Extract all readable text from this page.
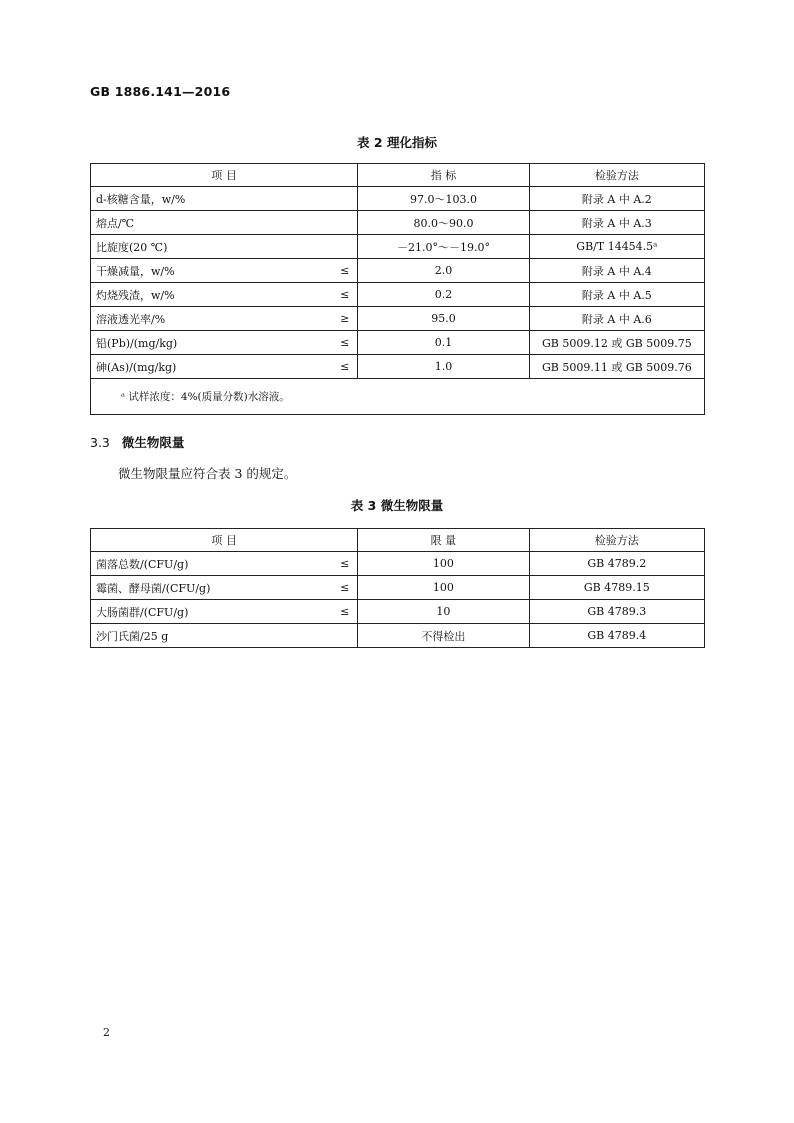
GB 1886.141—2016
表 2 理化指标
项 目		指 标	检验方法
d-核糖含量，w/%		97.0～103.0	附录 A 中 A.2
熔点/℃		80.0～90.0	附录 A 中 A.3
比旋度(20 ℃)		－21.0°～－19.0°	GB/T 14454.5ᵃ
干燥减量，w/%	≤	2.0	附录 A 中 A.4
灼烧残渣，w/%	≤	0.2	附录 A 中 A.5
溶液透光率/%	≥	95.0	附录 A 中 A.6
铅(Pb)/(mg/kg)	≤	0.1	GB 5009.12 或 GB 5009.75
砷(As)/(mg/kg)	≤	1.0	GB 5009.11 或 GB 5009.76
ᵃ 试样浓度：4%(质量分数)水溶液。			
3.3 微生物限量
微生物限量应符合表 3 的规定。
表 3 微生物限量
项 目		限 量	检验方法
菌落总数/(CFU/g)	≤	100	GB 4789.2
霉菌、酵母菌/(CFU/g)	≤	100	GB 4789.15
大肠菌群/(CFU/g)	≤	10	GB 4789.3
沙门氏菌/25 g		不得检出	GB 4789.4
2
